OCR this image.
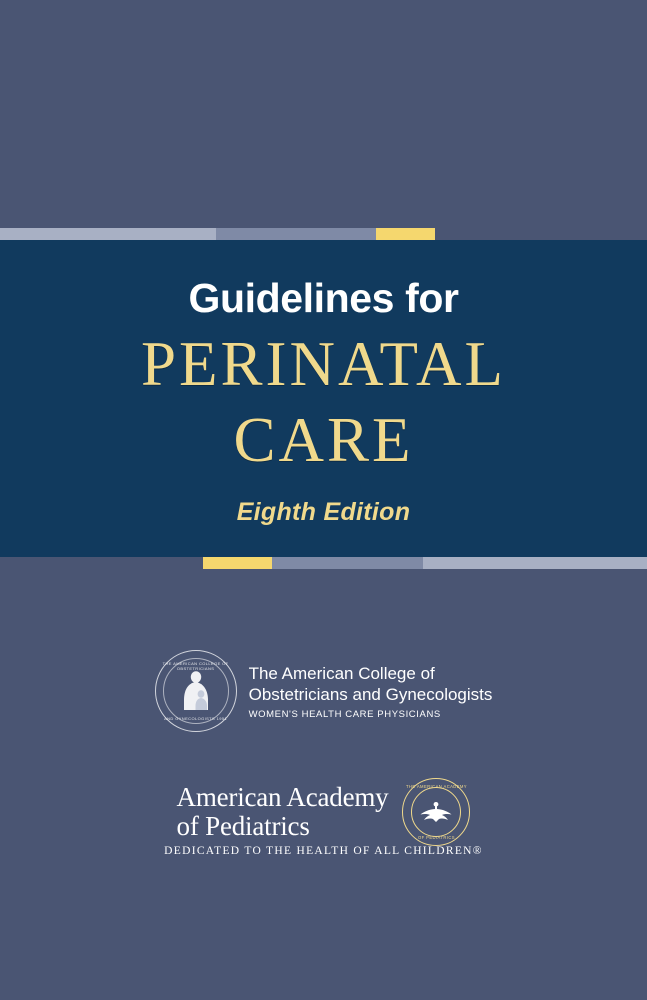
Guidelines for
PERINATAL
CARE
Eighth Edition
THE AMERICAN COLLEGE OF OBSTETRICIANS
AND GYNECOLOGISTS 1951
The American College of
Obstetricians and Gynecologists
WOMEN'S HEALTH CARE PHYSICIANS
American Academy
of Pediatrics
THE AMERICAN ACADEMY
OF PEDIATRICS
DEDICATED TO THE HEALTH OF ALL CHILDREN®
